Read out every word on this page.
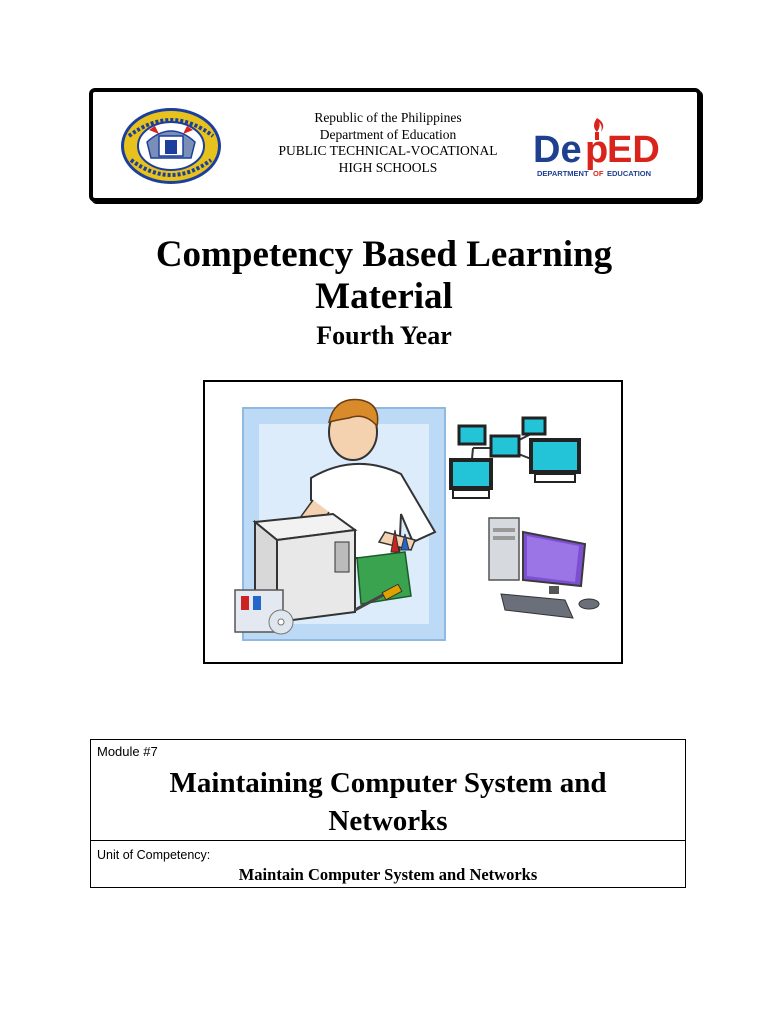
Republic of the Philippines
Department of Education
PUBLIC TECHNICAL-VOCATIONAL
HIGH SCHOOLS	De p
ED
DEPARTMENT OF EDUCATION
Competency Based Learning
Material
Fourth Year
Module #7
Maintaining Computer System and
Networks
Unit of Competency:
Maintain Computer System and Networks
